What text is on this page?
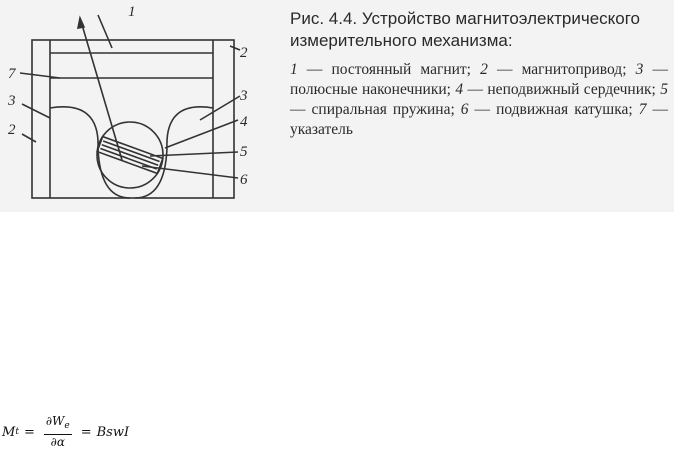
1
2
7
3	3
4
2
5
6
Рис. 4.4. Устройство магнитоэлектрического
измерительного механизма:
1 — постоянный магнит; 2 — магнитопривод; 3 — полюсные наконечники; 4 — неподвижный сердечник; 5 — спиральная пружина; 6 — подвижная катушка; 7 — указатель
M $t = \frac{\partial W_e}{\partial\alpha}$ = BswI
